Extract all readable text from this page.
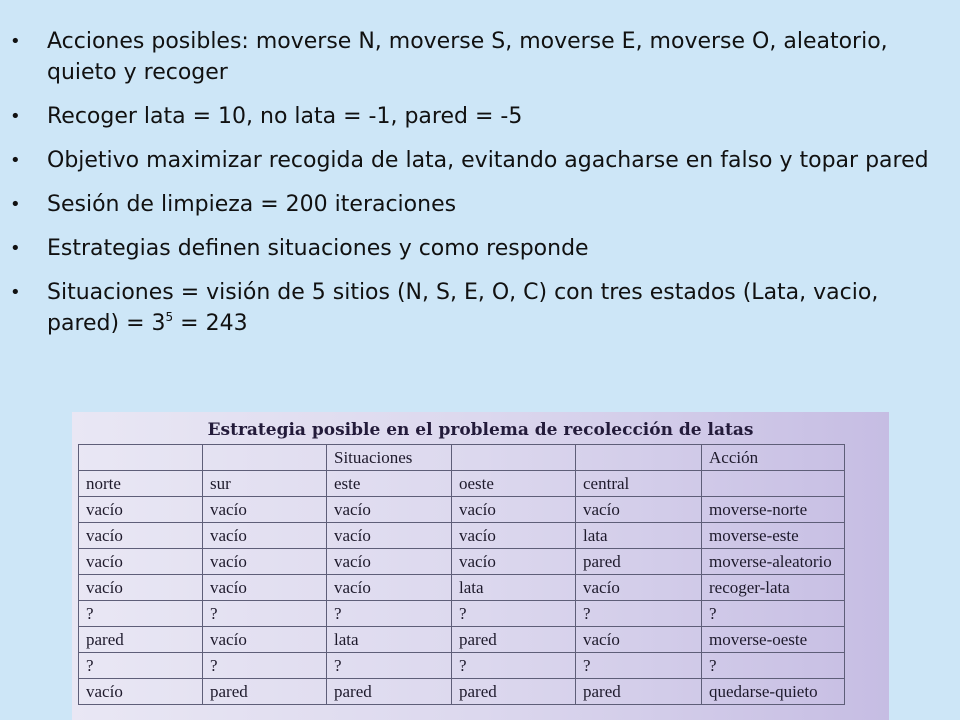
• Acciones posibles: moverse N, moverse S, moverse E, moverse O, aleatorio, quieto y recoger
• Recoger lata = 10, no lata = -1, pared = -5
• Objetivo maximizar recogida de lata, evitando agacharse en falso y topar pared
• Sesión de limpieza = 200 iteraciones
• Estrategias definen situaciones y como responde
• Situaciones = visión de 5 sitios (N, S, E, O, C) con tres estados (Lata, vacio, pared) = $3^5 = 243$
Estrategia posible en el problema de recolección de latas
		Situaciones			Acción
norte	sur	este	oeste	central	
vacío	vacío	vacío	vacío	vacío	moverse-norte
vacío	vacío	vacío	vacío	lata	moverse-este
vacío	vacío	vacío	vacío	pared	moverse-aleatorio
vacío	vacío	vacío	lata	vacío	recoger-lata
?	?	?	?	?	?
pared	vacío	lata	pared	vacío	moverse-oeste
?	?	?	?	?	?
vacío	pared	pared	pared	pared	quedarse-quieto
